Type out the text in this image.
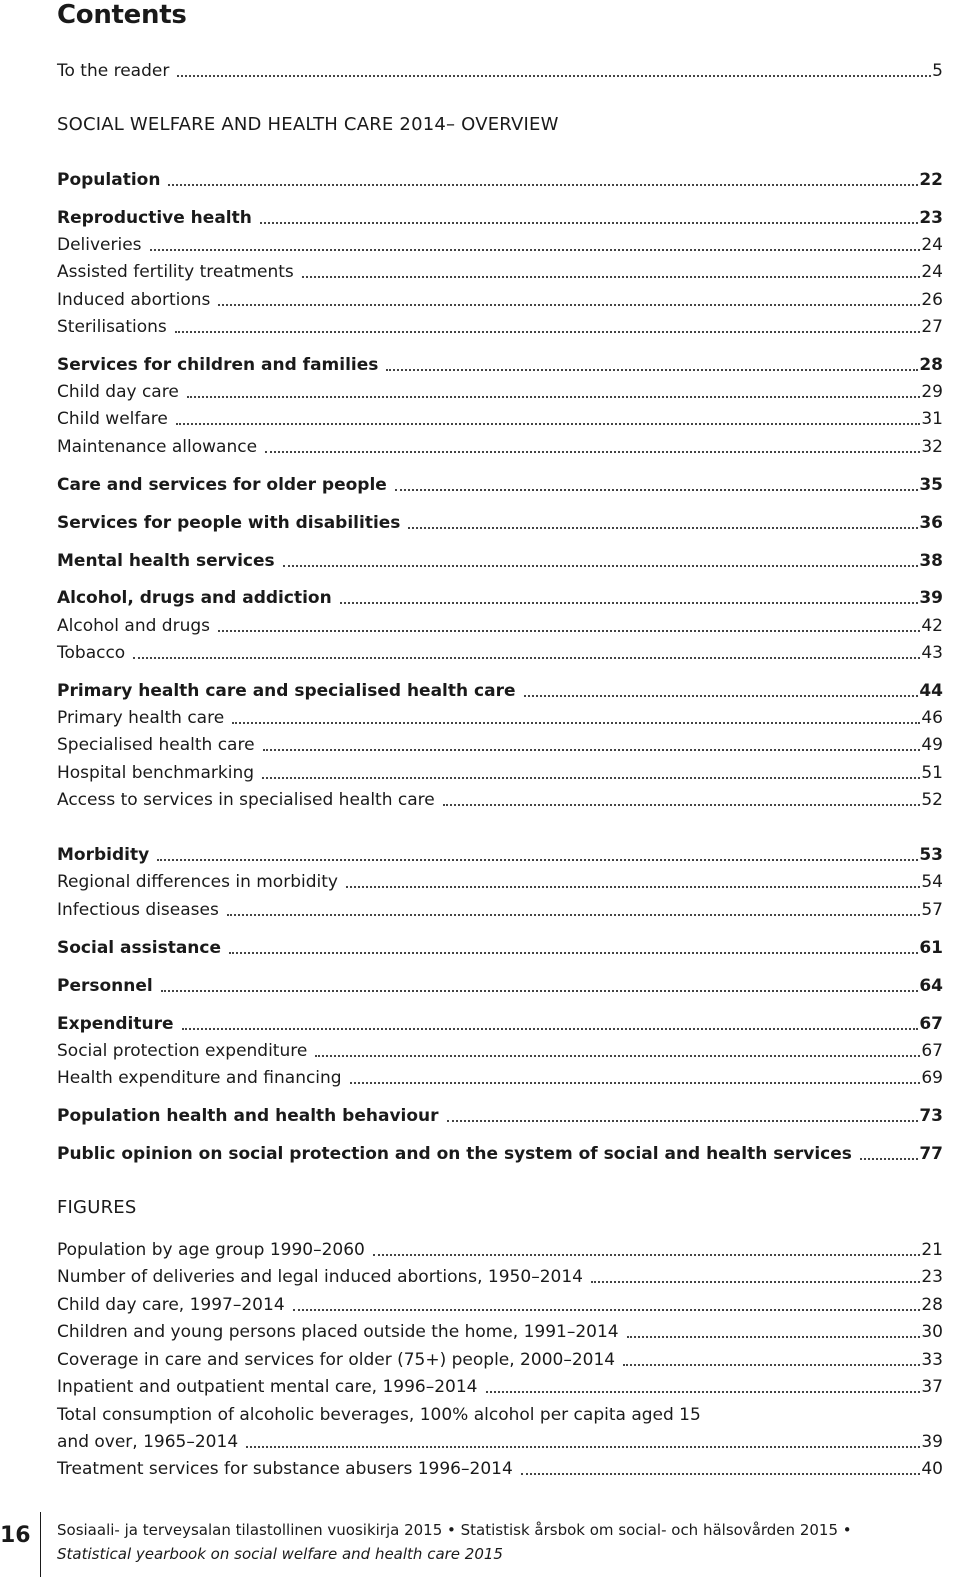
Contents
To the reader	5
SOCIAL WELFARE AND HEALTH CARE 2014– OVERVIEW
Population	22
Reproductive health	23
Deliveries	24
Assisted fertility treatments	24
Induced abortions	26
Sterilisations	27
Services for children and families	28
Child day care	29
Child welfare	31
Maintenance allowance	32
Care and services for older people	35
Services for people with disabilities	36
Mental health services	38
Alcohol, drugs and addiction	39
Alcohol and drugs	42
Tobacco	43
Primary health care and specialised health care	44
Primary health care	46
Specialised health care	49
Hospital benchmarking	51
Access to services in specialised health care	52
Morbidity	53
Regional differences in morbidity	54
Infectious diseases	57
Social assistance	61
Personnel	64
Expenditure	67
Social protection expenditure	67
Health expenditure and financing	69
Population health and health behaviour	73
Public opinion on social protection and on the system of social and health services	77
FIGURES
Population by age group 1990–2060	21
Number of deliveries and legal induced abortions, 1950–2014	23
Child day care, 1997–2014	28
Children and young persons placed outside the home, 1991–2014	30
Coverage in care and services for older (75+) people, 2000–2014	33
Inpatient and outpatient mental care, 1996–2014	37
Total consumption of alcoholic beverages, 100% alcohol per capita aged 15
and over, 1965–2014	39
Treatment services for substance abusers 1996–2014	40
16 Sosiaali- ja terveysalan tilastollinen vuosikirja 2015 • Statistisk årsbok om social- och hälsovården 2015 •
Statistical yearbook on social welfare and health care 2015
